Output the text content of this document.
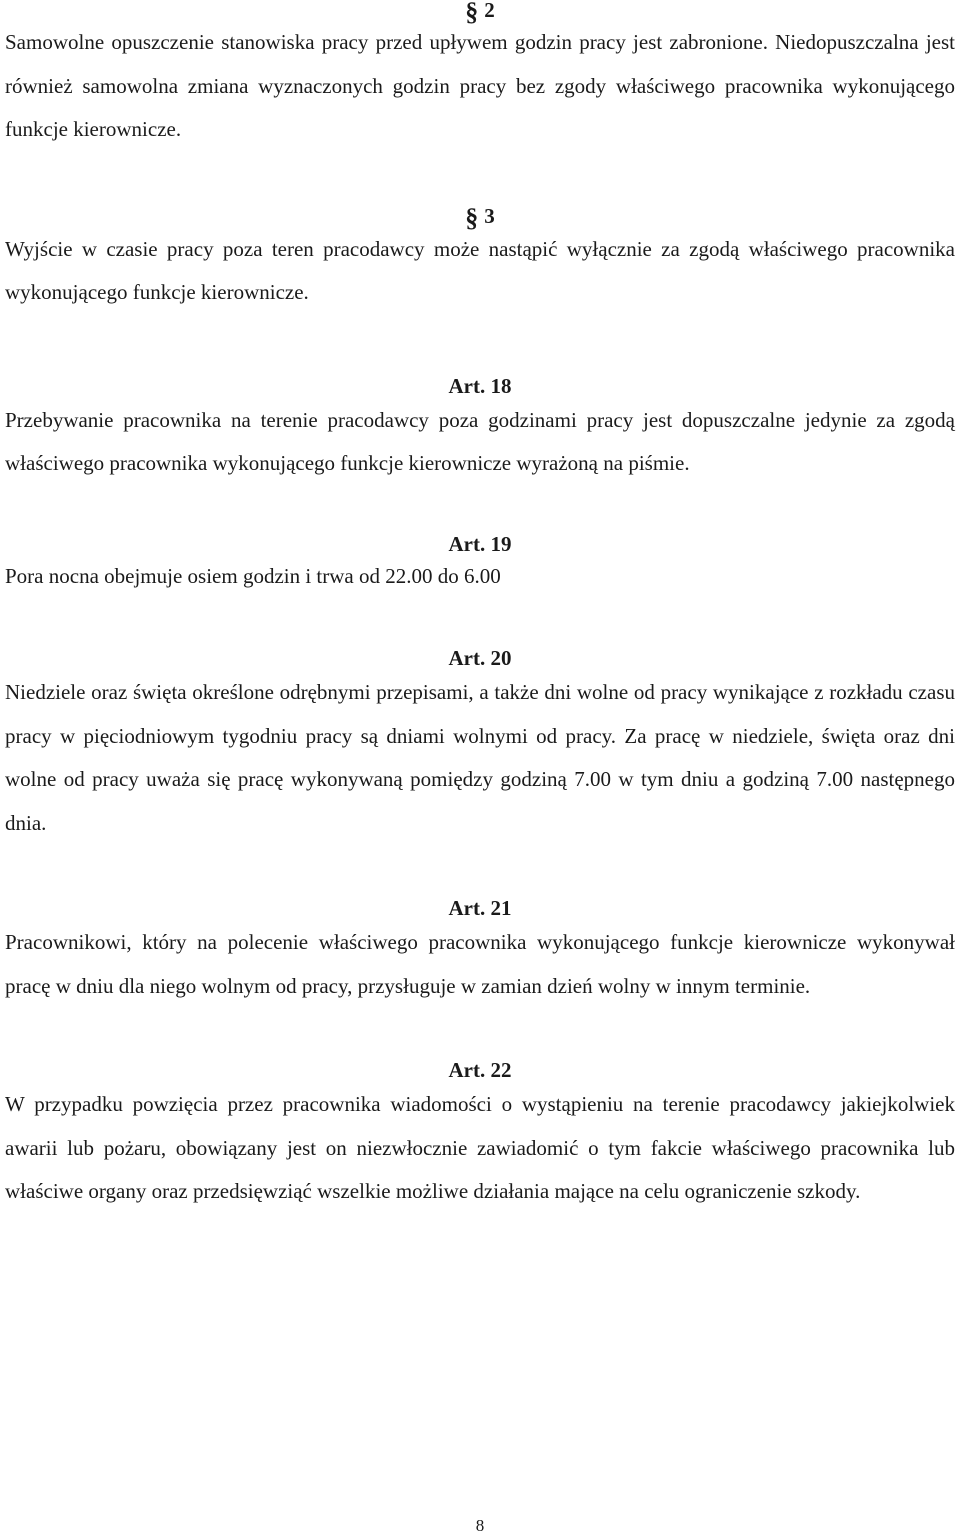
§ 2

Samowolne opuszczenie stanowiska pracy przed upływem godzin pracy jest zabronione. Niedopuszczalna jest również samowolna zmiana wyznaczonych godzin pracy bez zgody właściwego pracownika wykonującego funkcje kierownicze.

§ 3

Wyjście w czasie pracy poza teren pracodawcy może nastąpić wyłącznie za zgodą właściwego pracownika wykonującego funkcje kierownicze.

Art. 18

Przebywanie pracownika na terenie pracodawcy poza godzinami pracy jest dopuszczalne jedynie za zgodą właściwego pracownika wykonującego funkcje kierownicze wyrażoną na piśmie.

Art. 19

Pora nocna obejmuje osiem godzin i trwa od 22.00 do 6.00

Art. 20

Niedziele oraz święta określone odrębnymi przepisami, a także dni wolne od pracy wynikające z rozkładu czasu pracy w pięciodniowym tygodniu pracy są dniami wolnymi od pracy. Za pracę w niedziele, święta oraz dni wolne od pracy uważa się pracę wykonywaną pomiędzy godziną 7.00 w tym dniu a godziną 7.00 następnego dnia.

Art. 21

Pracownikowi, który na polecenie właściwego pracownika wykonującego funkcje kierownicze wykonywał pracę w dniu dla niego wolnym od pracy, przysługuje w zamian dzień wolny w innym terminie.

Art. 22

W przypadku powzięcia przez pracownika wiadomości o wystąpieniu na terenie pracodawcy jakiejkolwiek awarii lub pożaru, obowiązany jest on niezwłocznie zawiadomić o tym fakcie właściwego pracownika lub właściwe organy oraz przedsięwziąć wszelkie możliwe działania mające na celu ograniczenie szkody.

8
